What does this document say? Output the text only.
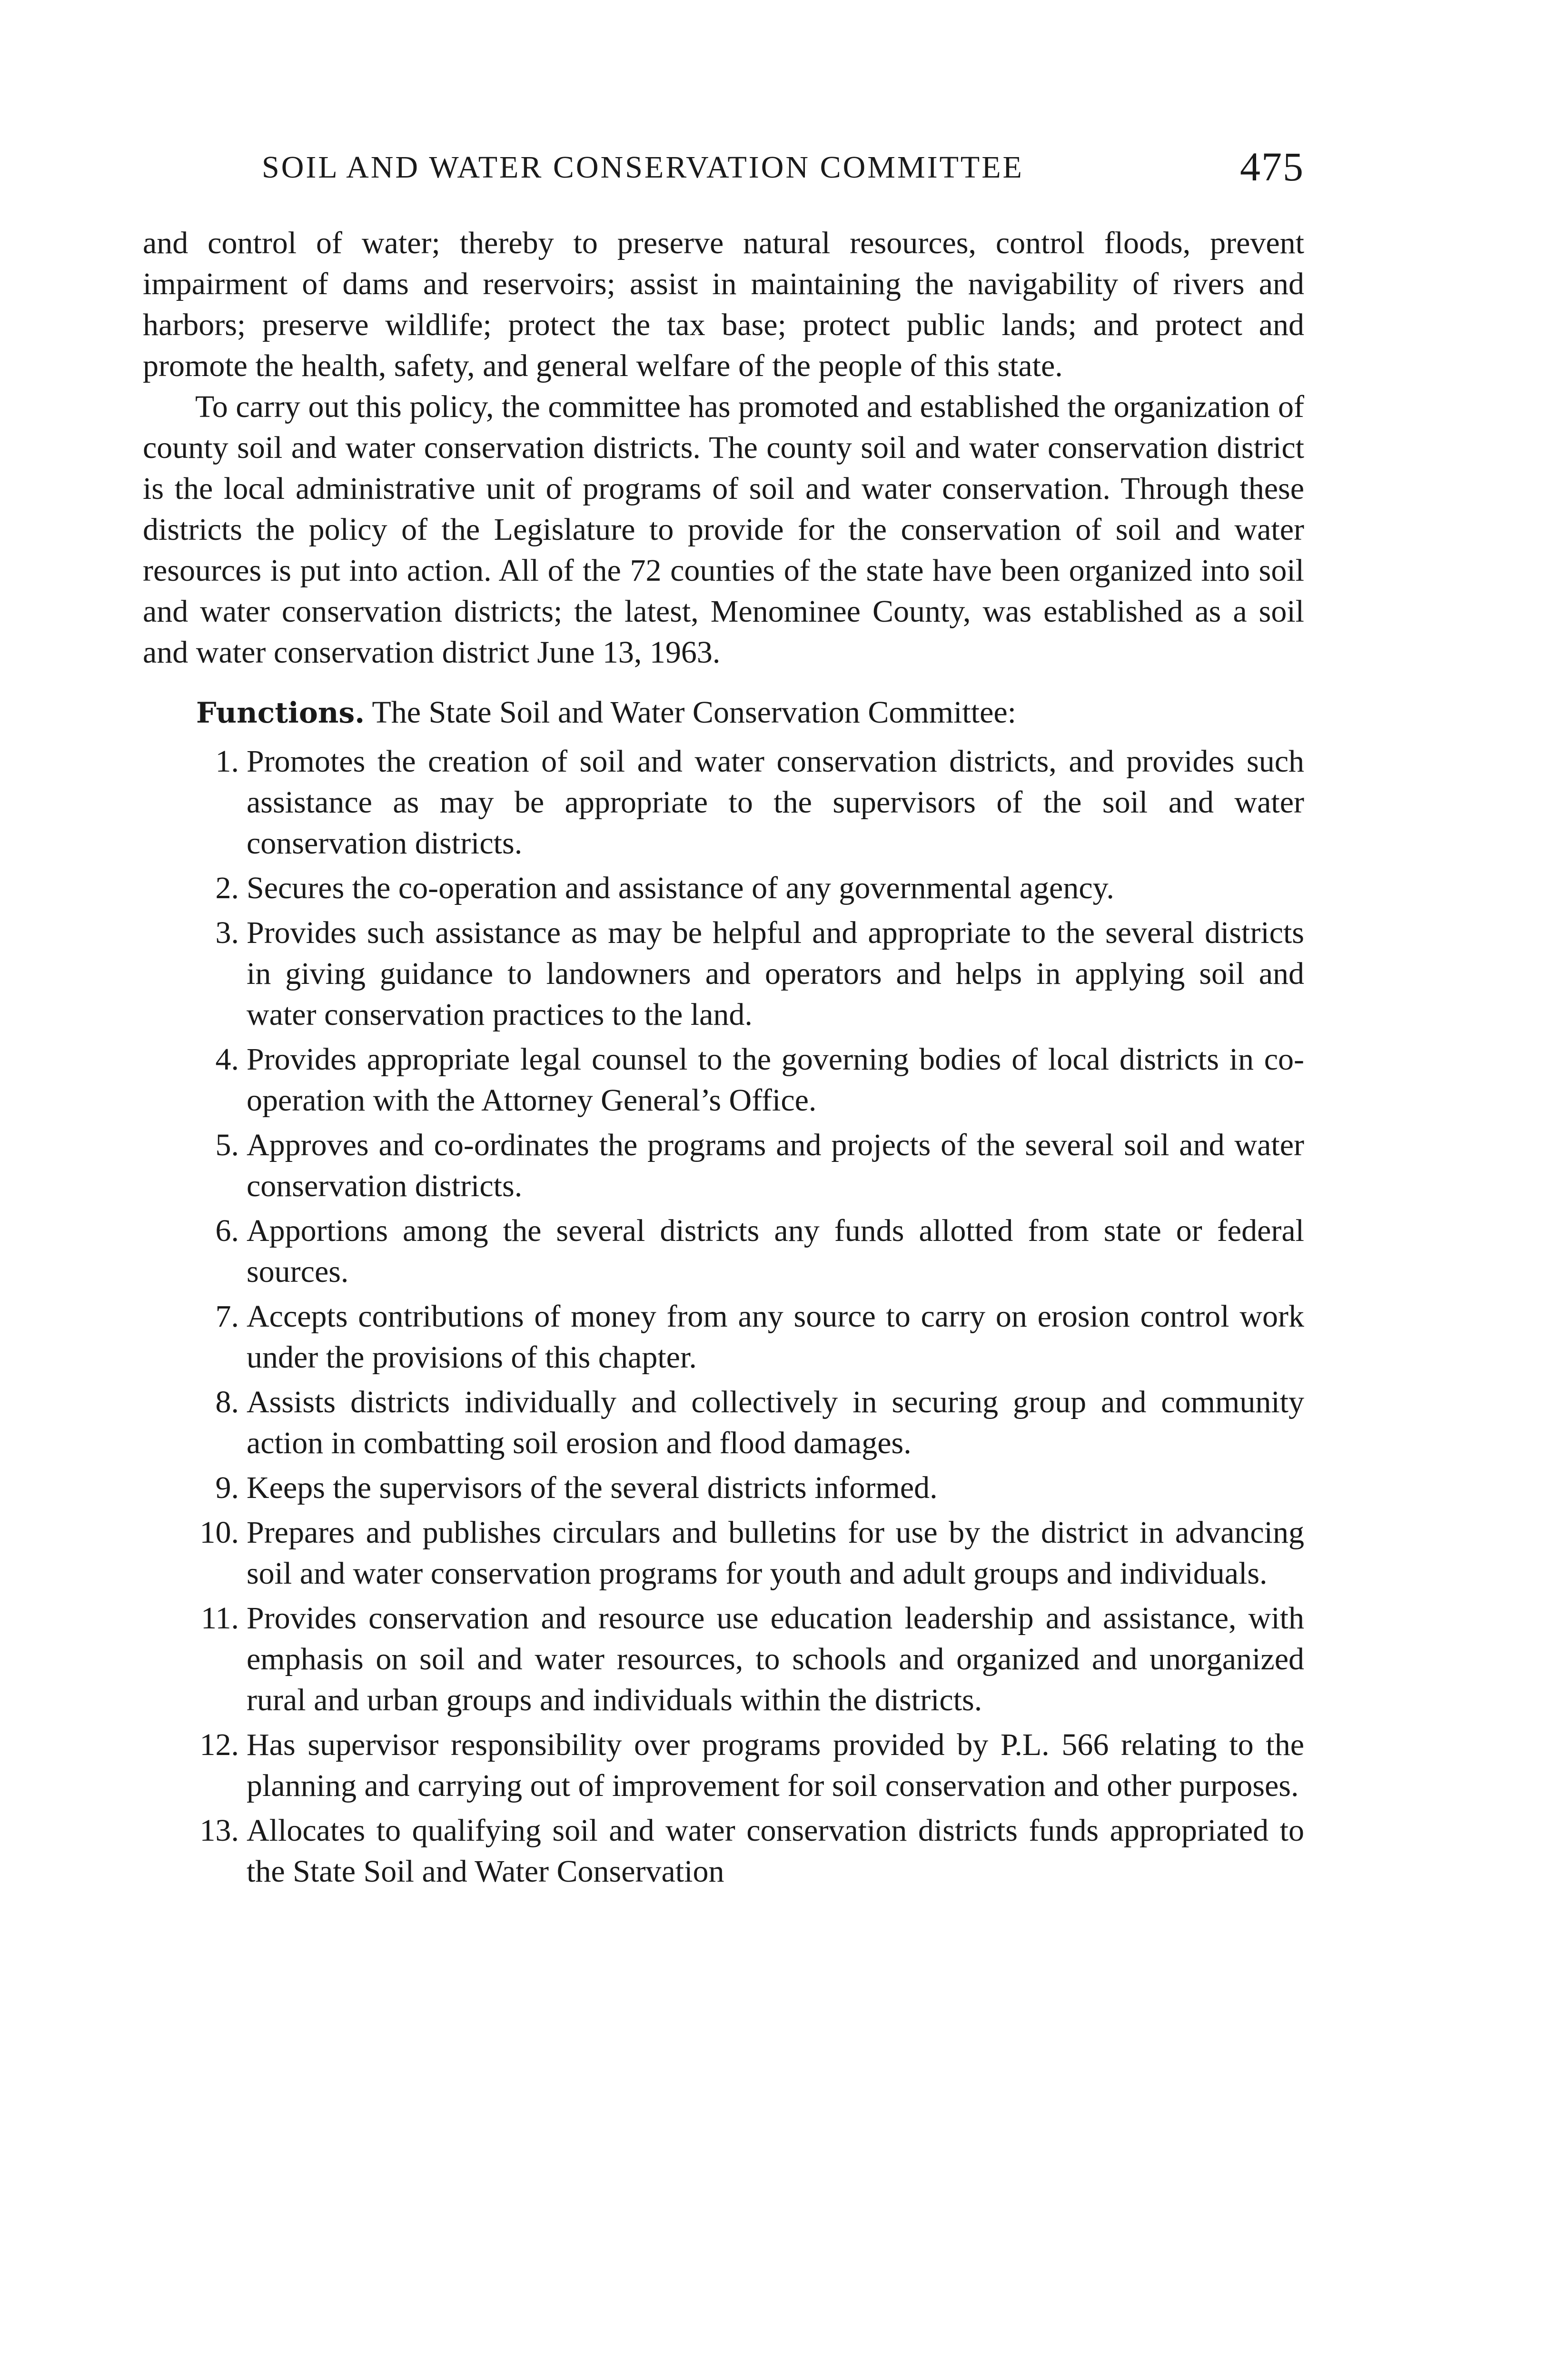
SOIL AND WATER CONSERVATION COMMITTEE	475

and control of water; thereby to preserve natural resources, control floods, prevent impairment of dams and reservoirs; assist in maintaining the navigability of rivers and harbors; preserve wildlife; protect the tax base; protect public lands; and protect and promote the health, safety, and general welfare of the people of this state.

To carry out this policy, the committee has promoted and established the organization of county soil and water conservation districts. The county soil and water conservation district is the local administrative unit of programs of soil and water conservation. Through these districts the policy of the Legislature to provide for the conservation of soil and water resources is put into action. All of the 72 counties of the state have been organized into soil and water conservation districts; the latest, Menominee County, was established as a soil and water conservation district June 13, 1963.

Functions. The State Soil and Water Conservation Committee:
1. Promotes the creation of soil and water conservation districts, and provides such assistance as may be appropriate to the supervisors of the soil and water conservation districts.
2. Secures the co-operation and assistance of any governmental agency.
3. Provides such assistance as may be helpful and appropriate to the several districts in giving guidance to landowners and operators and helps in applying soil and water conservation practices to the land.
4. Provides appropriate legal counsel to the governing bodies of local districts in co-operation with the Attorney General’s Office.
5. Approves and co-ordinates the programs and projects of the several soil and water conservation districts.
6. Apportions among the several districts any funds allotted from state or federal sources.
7. Accepts contributions of money from any source to carry on erosion control work under the provisions of this chapter.
8. Assists districts individually and collectively in securing group and community action in combatting soil erosion and flood damages.
9. Keeps the supervisors of the several districts informed.
10. Prepares and publishes circulars and bulletins for use by the district in advancing soil and water conservation programs for youth and adult groups and individuals.
11. Provides conservation and resource use education leadership and assistance, with emphasis on soil and water resources, to schools and organized and unorganized rural and urban groups and individuals within the districts.
12. Has supervisor responsibility over programs provided by P.L. 566 relating to the planning and carrying out of improvement for soil conservation and other purposes.
13. Allocates to qualifying soil and water conservation districts funds appropriated to the State Soil and Water Conservation
